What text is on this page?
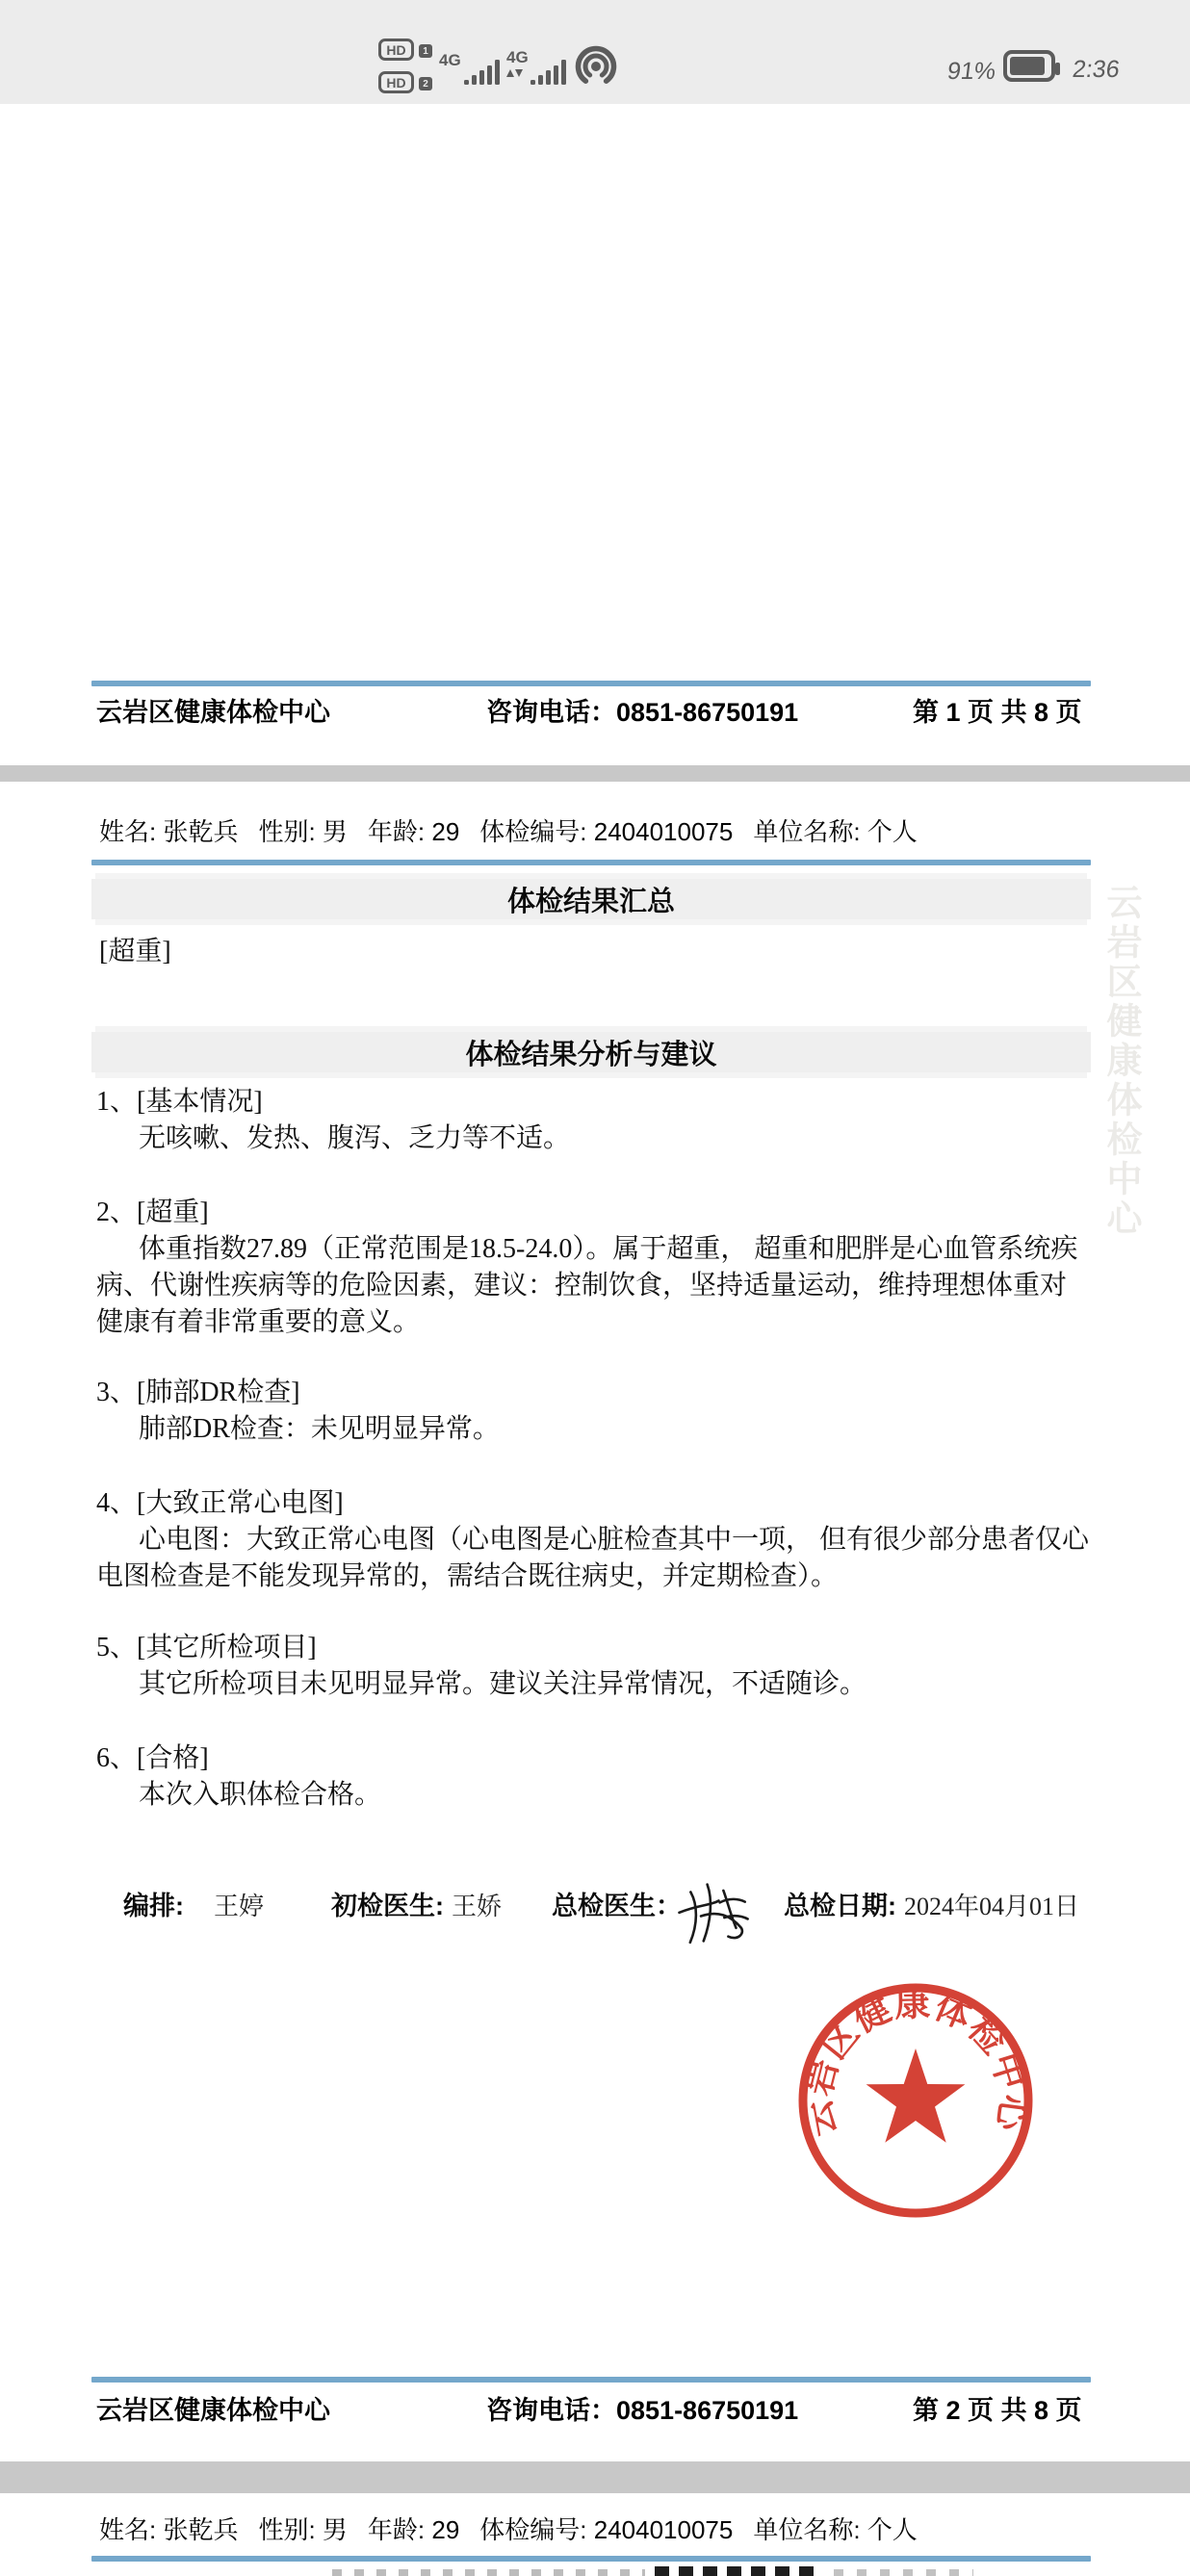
HD	1
HD	2
4G	4G
91%	2:36
云岩区健康体检中心	咨询电话：0851-86750191	第 1 页 共 8 页
姓名: 张乾兵 性别: 男 年龄: 29 体检编号: 2404010075 单位名称: 个人
体检结果汇总
[超重]
体检结果分析与建议
1、[基本情况]
无咳嗽、发热、腹泻、乏力等不适。
2、[超重]
体重指数27.89（正常范围是18.5-24.0）。属于超重， 超重和肥胖是心血管系统疾病、代谢性疾病等的危险因素，建议：控制饮食，坚持适量运动，维持理想体重对健康有着非常重要的意义。
3、[肺部DR检查]
肺部DR检查：未见明显异常。
4、[大致正常心电图]
心电图：大致正常心电图（心电图是心脏检查其中一项， 但有很少部分患者仅心电图检查是不能发现异常的，需结合既往病史，并定期检查）。
5、[其它所检项目]
其它所检项目未见明显异常。建议关注异常情况，不适随诊。
6、[合格]
本次入职体检合格。
编排: 王婷	初检医生: 王娇 总检医生：	总检日期: 2024年04月01日
云岩区健康体检中心
云岩区健康体检中心	咨询电话：0851-86750191	第 2 页 共 8 页
姓名: 张乾兵 性别: 男 年龄: 29 体检编号: 2404010075 单位名称: 个人
云岩区健康体检中心
